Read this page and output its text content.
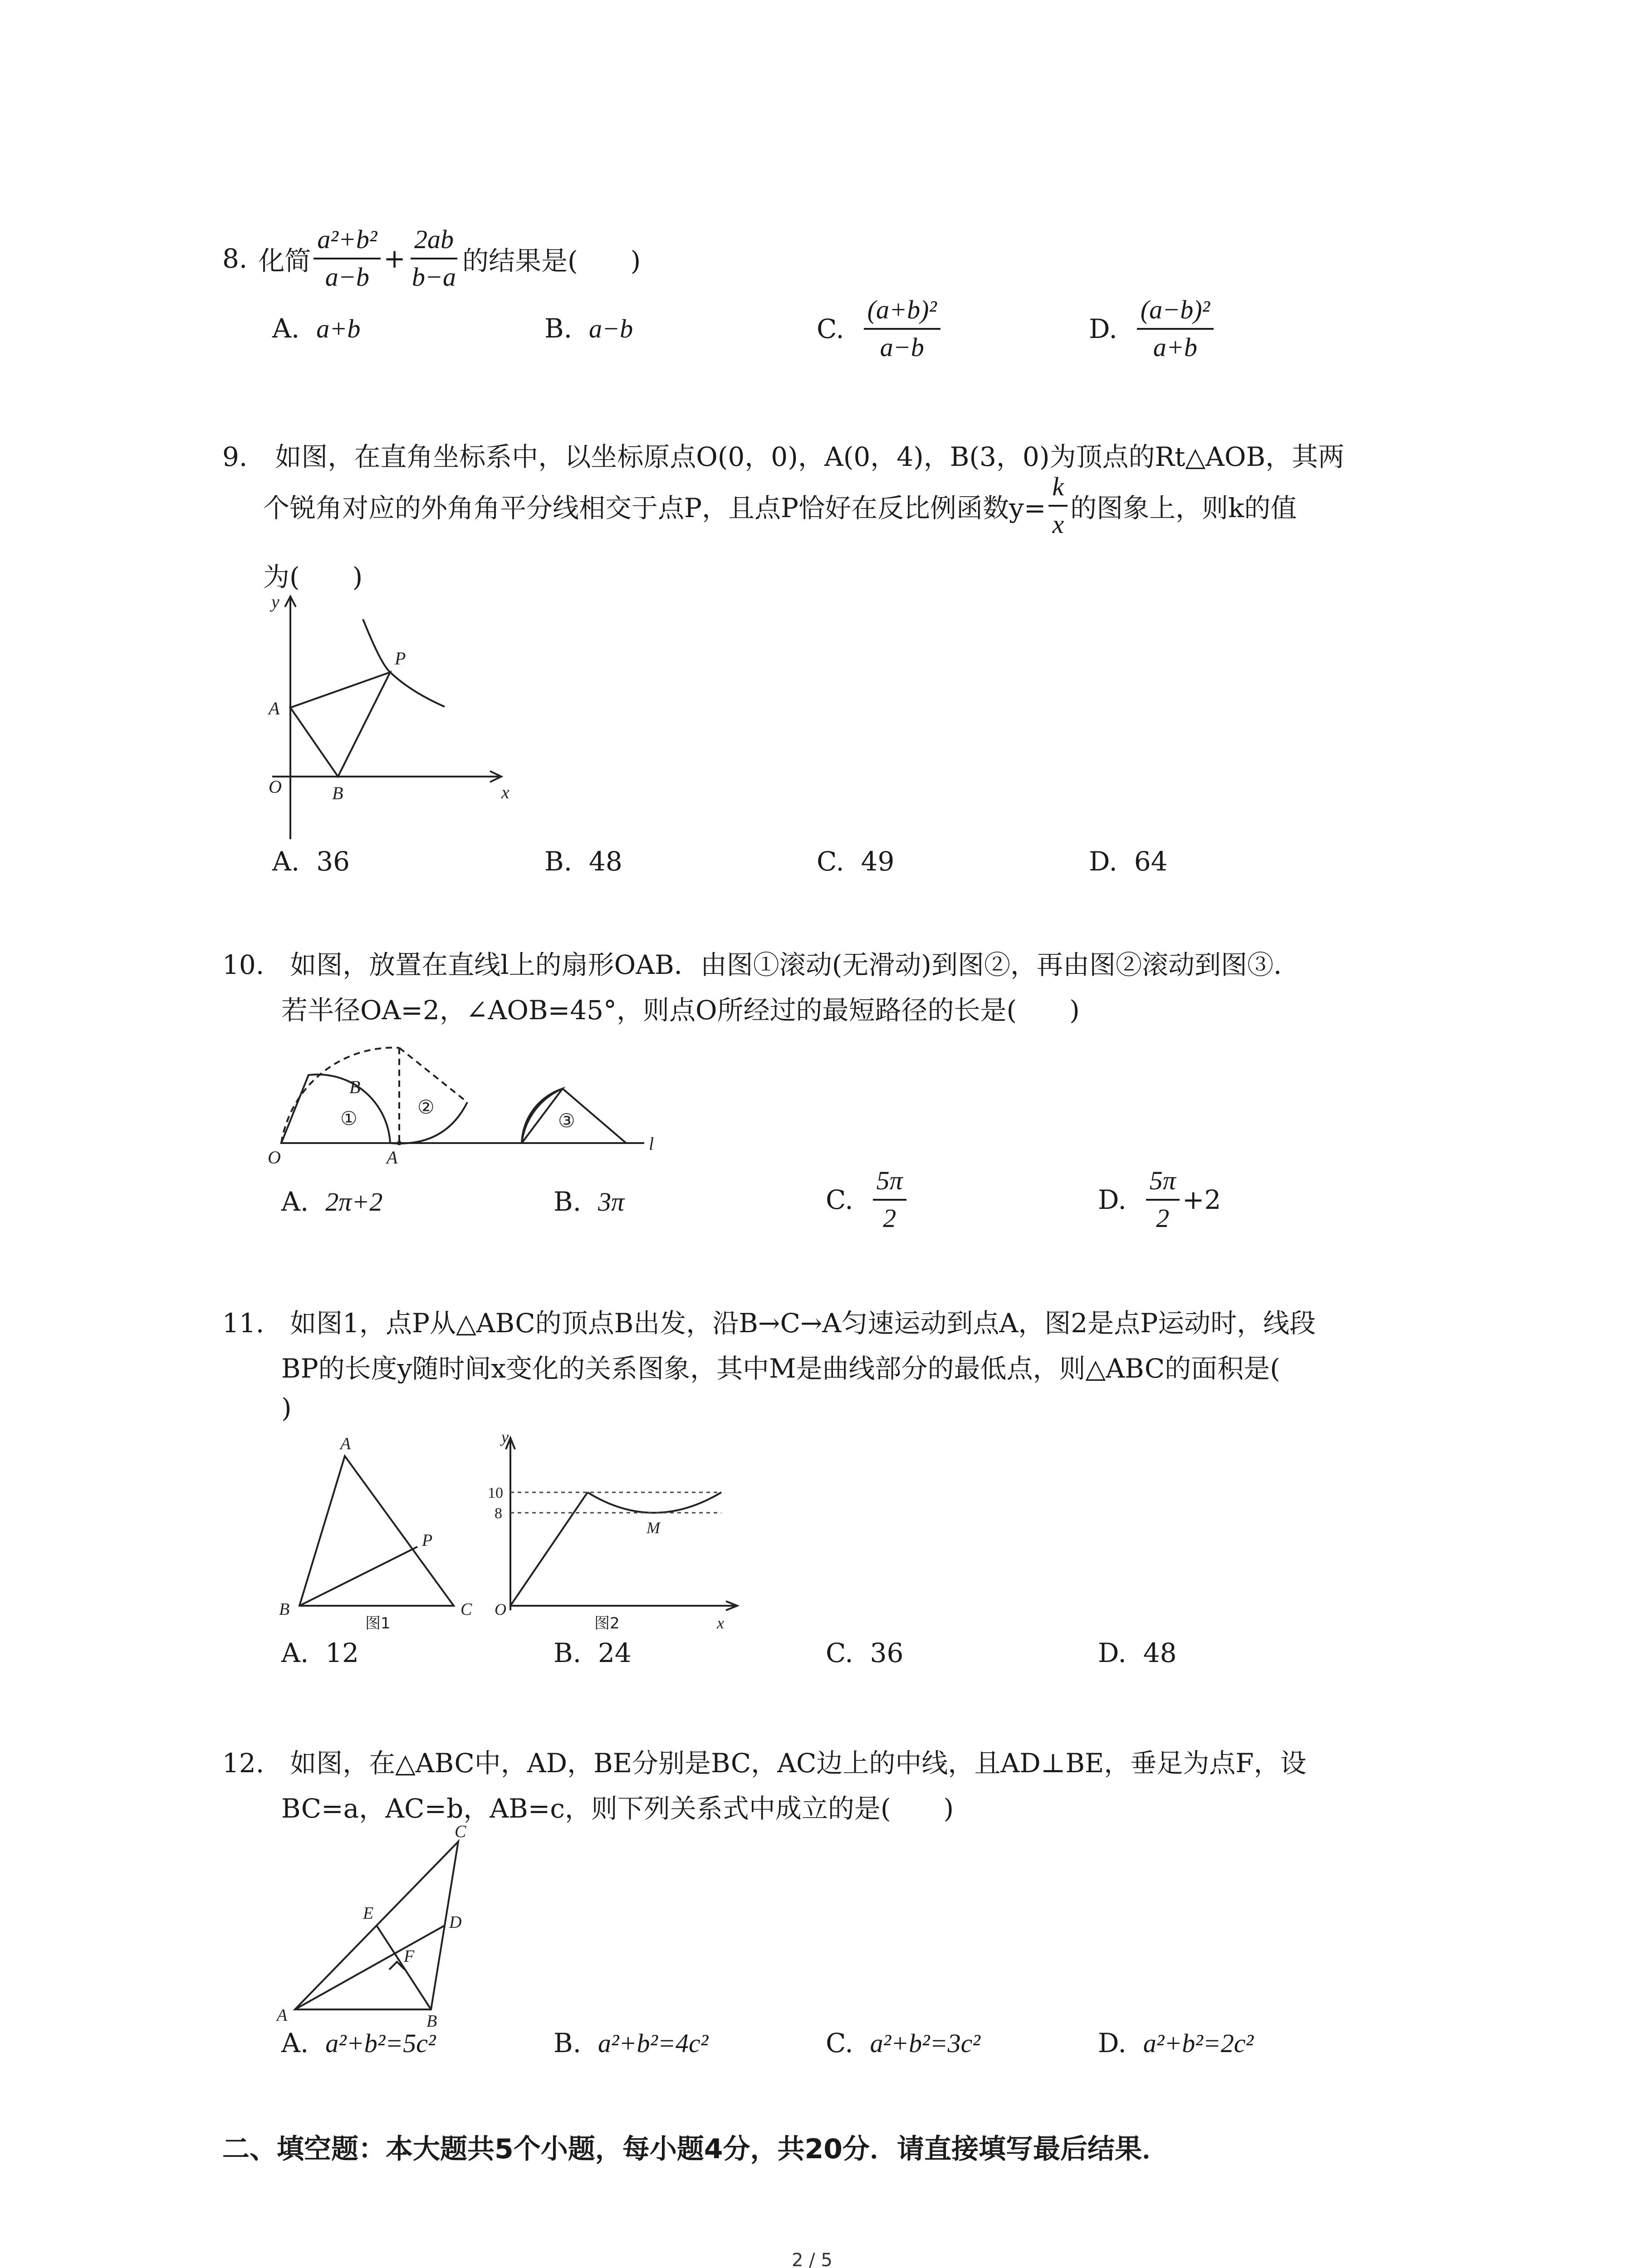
8. 化简 $\frac{\text{a²+b²}}{a-b} + \frac{2ab}{b-a}$ 的结果是(　　)
A. a+b	B. a−b	C.
$\frac{\text{(a+b)²}}{a-b}$	D.
$\frac{\text{(a−b)²}}{a+b}$
9. 如图，在直角坐标系中，以坐标原点O(0，0)，A(0，4)，B(3，0)为顶点的Rt△AOB，其两
个锐角对应的外角角平分线相交于点P，且点P恰好在反比例函数$y= \frac{k}{x}$ 的图象上，则k的值
为(　　)
y
x
O
A
B
P
A. 36	B. 48	C. 49	D. 64
10. 如图，放置在直线l上的扇形OAB．由图①滚动(无滑动)到图②，再由图②滚动到图③．
若半径OA=2，∠AOB=45°，则点O所经过的最短路径的长是(　　)
O	A
B
l
①
②
③
A. 2π+2	B. 3π	C.
$\frac{5\pi}{2}$	D.
$\frac{5\pi}{2} +2$
11. 如图1，点P从△ABC的顶点B出发，沿B→C→A匀速运动到点A，图2是点P运动时，线段
BP的长度y随时间x变化的关系图象，其中M是曲线部分的最低点，则△ABC的面积是(
)
A
B	C
P
图1
y
x
O
M
10
8
图2
A. 12	B. 24	C. 36	D. 48
12. 如图，在△ABC中，AD，BE分别是BC，AC边上的中线，且AD⊥BE，垂足为点F，设
BC=a，AC=b，AB=c，则下列关系式中成立的是(　　)
A	B
C
D
E
F
A. a²+b²=5c²	B. a²+b²=4c²	C. a²+b²=3c²	D. a²+b²=2c²
二、填空题：本大题共5个小题，每小题4分，共20分．请直接填写最后结果．
2 / 5
